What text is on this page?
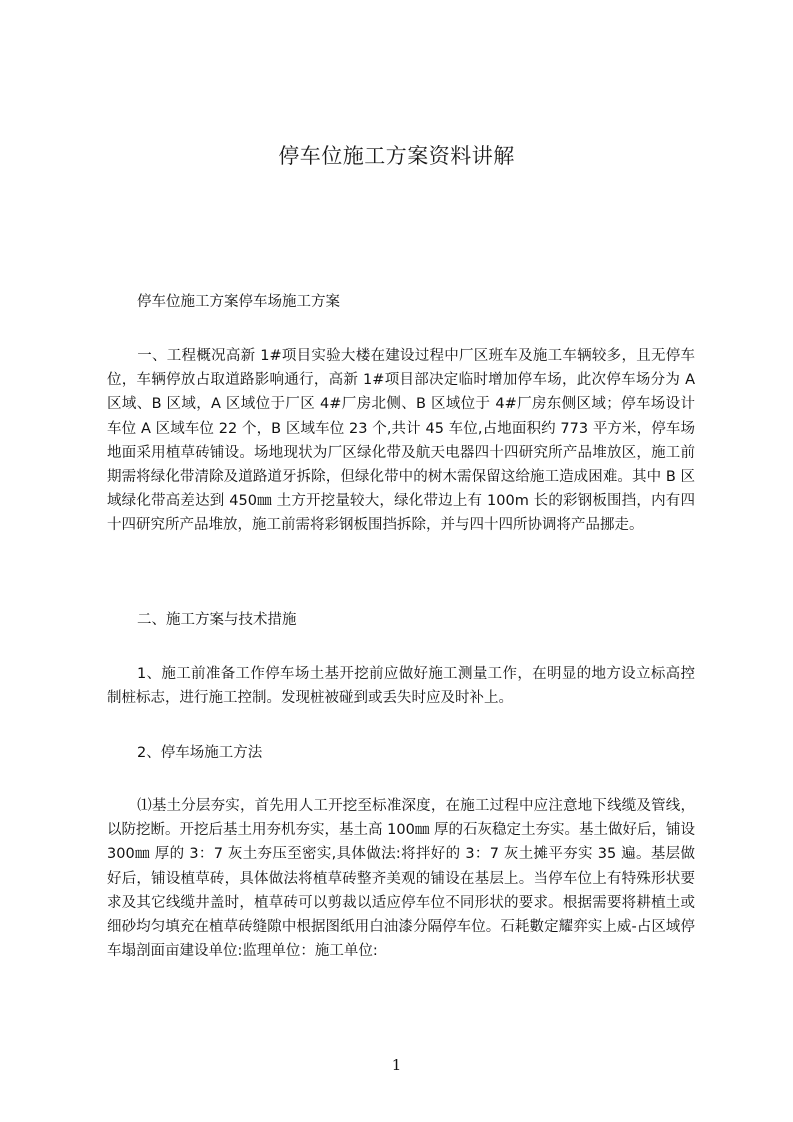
停车位施工方案资料讲解
停车位施工方案停车场施工方案

一、工程概况高新 1#项目实验大楼在建设过程中厂区班车及施工车辆较多，且无停车位，车辆停放占取道路影响通行，高新 1#项目部决定临时增加停车场，此次停车场分为 A 区域、B 区域，A 区域位于厂区 4#厂房北侧、B 区域位于 4#厂房东侧区域；停车场设计车位 A 区域车位 22 个，B 区域车位 23 个,共计 45 车位,占地面积约 773 平方米，停车场地面采用植草砖铺设。场地现状为厂区绿化带及航天电器四十四研究所产品堆放区，施工前期需将绿化带清除及道路道牙拆除，但绿化带中的树木需保留这给施工造成困难。其中 B 区域绿化带高差达到 450㎜ 土方开挖量较大，绿化带边上有 100m 长的彩钢板围挡，内有四十四研究所产品堆放，施工前需将彩钢板围挡拆除，并与四十四所协调将产品挪走。

二、施工方案与技术措施

1、施工前准备工作停车场土基开挖前应做好施工测量工作，在明显的地方设立标高控制桩标志，进行施工控制。发现桩被碰到或丢失时应及时补上。

2、停车场施工方法

⑴基土分层夯实，首先用人工开挖至标准深度，在施工过程中应注意地下线缆及管线，以防挖断。开挖后基土用夯机夯实，基土高 100㎜ 厚的石灰稳定土夯实。基土做好后，铺设 300㎜ 厚的 3：7 灰土夯压至密实,具体做法:将拌好的 3：7 灰土摊平夯实 35 遍。基层做好后，铺设植草砖，具体做法将植草砖整齐美观的铺设在基层上。当停车位上有特殊形状要求及其它线缆井盖时，植草砖可以剪裁以适应停车位不同形状的要求。根据需要将耕植土或细砂均匀填充在植草砖缝隙中根据图纸用白油漆分隔停车位。石耗數定耀弈实上威-占区域停车塌剖面亩建设单位:监理单位：施工单位:

1
